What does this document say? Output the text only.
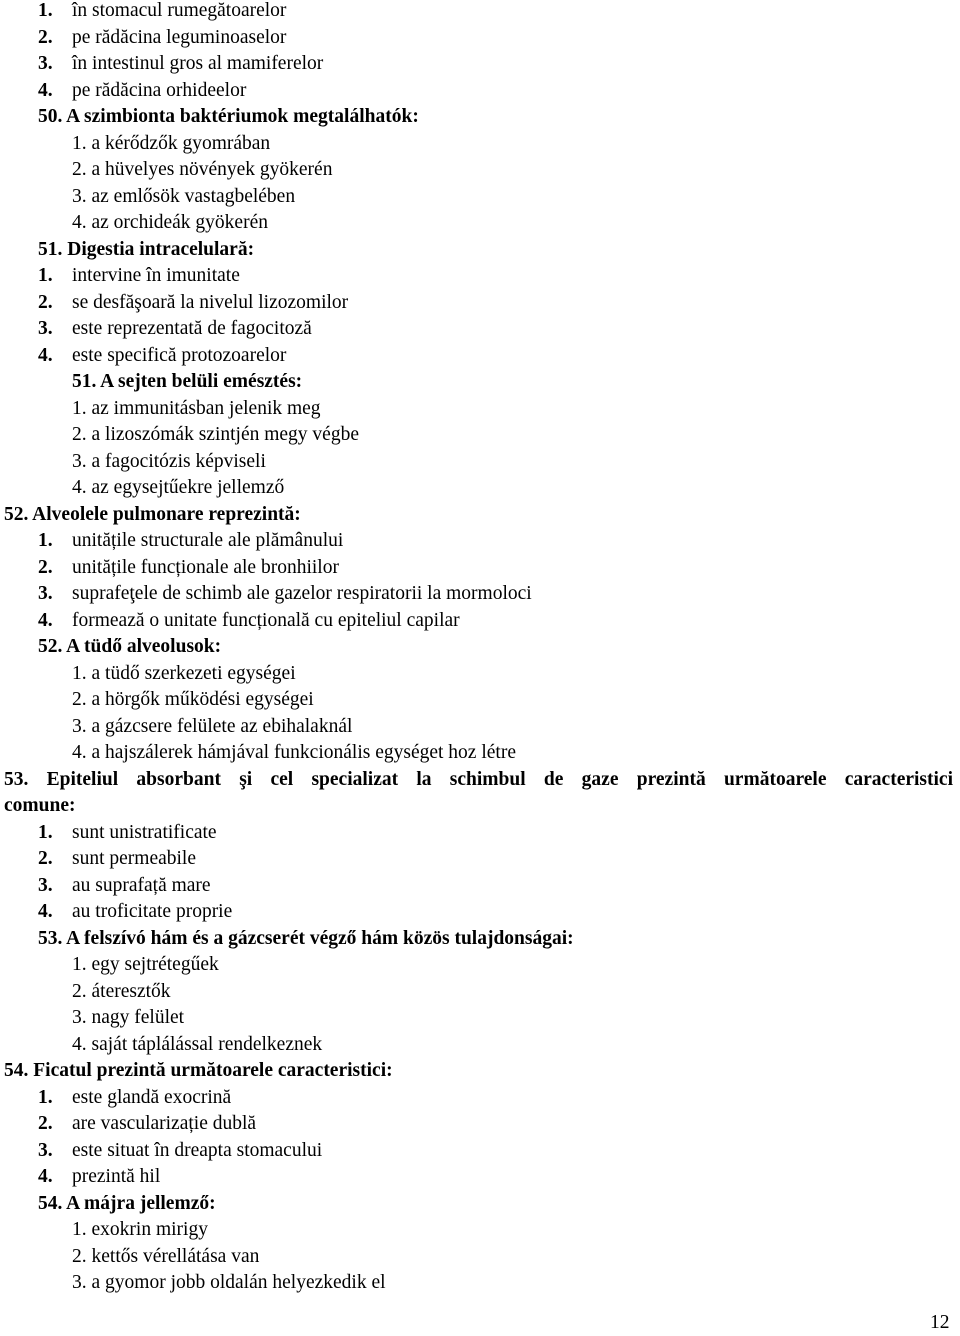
1. în stomacul rumegătoarelor
2. pe rădăcina leguminoaselor
3. în intestinul gros al mamiferelor
4. pe rădăcina orhideelor
50. A szimbionta baktériumok megtalálhatók:
1. a kérődzők gyomrában
2. a hüvelyes növények gyökerén
3. az emlősök vastagbelében
4. az orchideák gyökerén
51. Digestia intracelulară:
1. intervine în imunitate
2. se desfăşoară la nivelul lizozomilor
3. este reprezentată de fagocitoză
4. este specifică protozoarelor
51. A sejten belüli emésztés:
1. az immunitásban jelenik meg
2. a lizoszómák szintjén megy végbe
3. a fagocitózis képviseli
4. az egysejtűekre jellemző
52. Alveolele pulmonare reprezintă:
1. unitățile structurale ale plămânului
2. unitățile funcționale ale bronhiilor
3. suprafeţele de schimb ale gazelor respiratorii la mormoloci
4. formează o unitate funcțională cu epiteliul capilar
52. A tüdő alveolusok:
1. a tüdő szerkezeti egységei
2. a hörgők működési egységei
3. a gázcsere felülete az ebihalaknál
4. a hajszálerek hámjával funkcionális egységet hoz létre
53. Epiteliul absorbant şi cel specializat la schimbul de gaze prezintă următoarele caracteristici
comune:
1. sunt unistratificate
2. sunt permeabile
3. au suprafață mare
4. au troficitate proprie
53. A felszívó hám és a gázcserét végző hám közös tulajdonságai:
1. egy sejtrétegűek
2. áteresztők
3. nagy felület
4. saját táplálással rendelkeznek
54. Ficatul prezintă următoarele caracteristici:
1. este glandă exocrină
2. are vascularizație dublă
3. este situat în dreapta stomacului
4. prezintă hil
54. A májra jellemző:
1. exokrin mirigy
2. kettős vérellátása van
3. a gyomor jobb oldalán helyezkedik el
12
